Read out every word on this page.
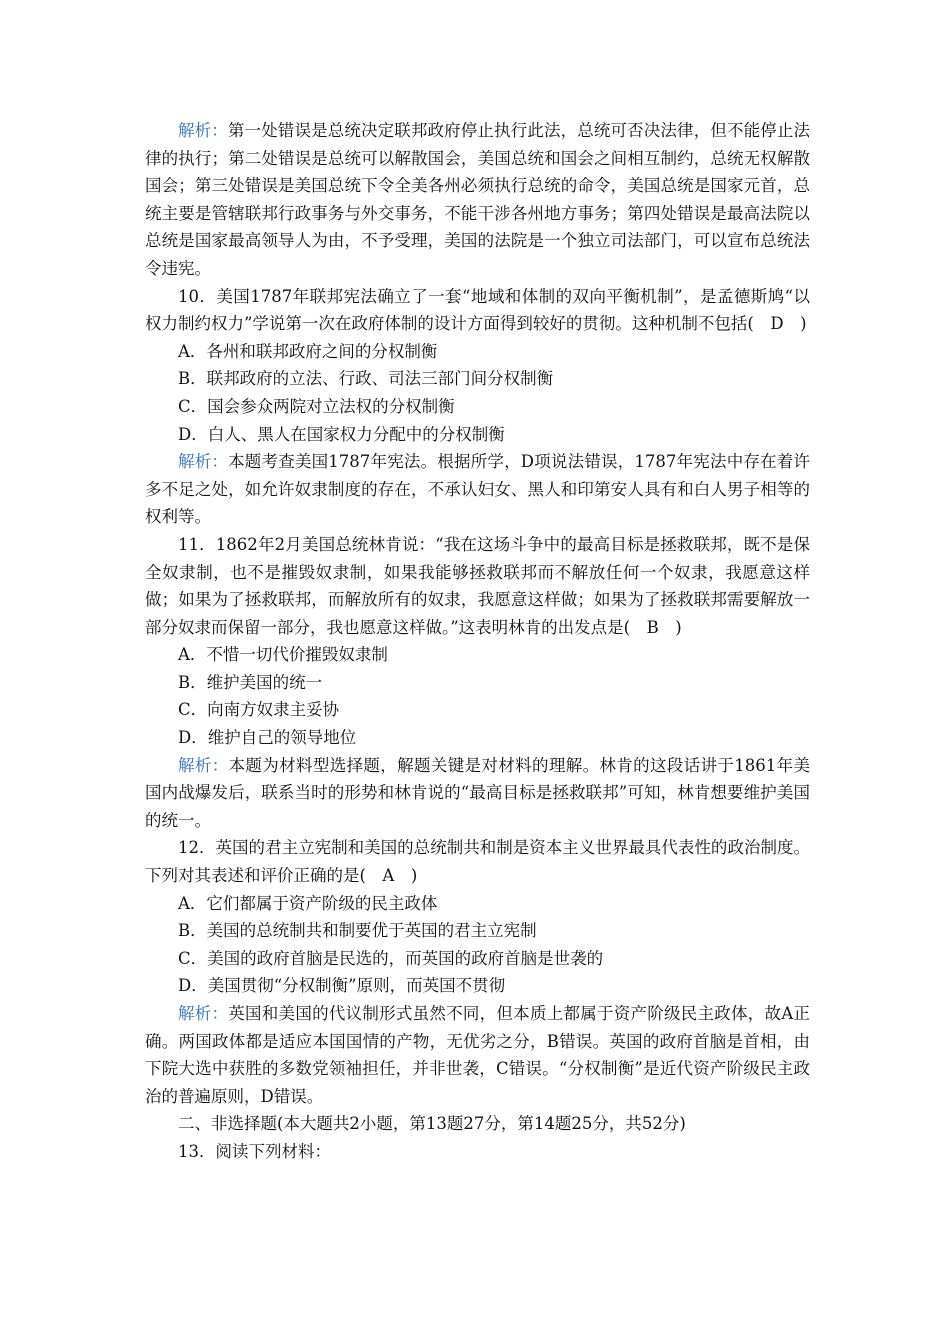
解析：第一处错误是总统决定联邦政府停止执行此法，总统可否决法律，但不能停止法律的执行；第二处错误是总统可以解散国会，美国总统和国会之间相互制约，总统无权解散国会；第三处错误是美国总统下令全美各州必须执行总统的命令，美国总统是国家元首，总统主要是管辖联邦行政事务与外交事务，不能干涉各州地方事务；第四处错误是最高法院以总统是国家最高领导人为由，不予受理，美国的法院是一个独立司法部门，可以宣布总统法令违宪。

10．美国1787年联邦宪法确立了一套“地域和体制的双向平衡机制”，是孟德斯鸠“以权力制约权力”学说第一次在政府体制的设计方面得到较好的贯彻。这种机制不包括(　D　)

A．各州和联邦政府之间的分权制衡

B．联邦政府的立法、行政、司法三部门间分权制衡

C．国会参众两院对立法权的分权制衡

D．白人、黑人在国家权力分配中的分权制衡

解析：本题考查美国1787年宪法。根据所学，D项说法错误，1787年宪法中存在着许多不足之处，如允许奴隶制度的存在，不承认妇女、黑人和印第安人具有和白人男子相等的权利等。

11．1862年2月美国总统林肯说：“我在这场斗争中的最高目标是拯救联邦，既不是保全奴隶制，也不是摧毁奴隶制，如果我能够拯救联邦而不解放任何一个奴隶，我愿意这样做；如果为了拯救联邦，而解放所有的奴隶，我愿意这样做；如果为了拯救联邦需要解放一部分奴隶而保留一部分，我也愿意这样做。”这表明林肯的出发点是(　B　)

A．不惜一切代价摧毁奴隶制

B．维护美国的统一

C．向南方奴隶主妥协

D．维护自己的领导地位

解析：本题为材料型选择题，解题关键是对材料的理解。林肯的这段话讲于1861年美国内战爆发后，联系当时的形势和林肯说的“最高目标是拯救联邦”可知，林肯想要维护美国的统一。

12．英国的君主立宪制和美国的总统制共和制是资本主义世界最具代表性的政治制度。下列对其表述和评价正确的是(　A　)

A．它们都属于资产阶级的民主政体

B．美国的总统制共和制要优于英国的君主立宪制

C．美国的政府首脑是民选的，而英国的政府首脑是世袭的

D．美国贯彻“分权制衡”原则，而英国不贯彻

解析：英国和美国的代议制形式虽然不同，但本质上都属于资产阶级民主政体，故A正确。两国政体都是适应本国国情的产物，无优劣之分，B错误。英国的政府首脑是首相，由下院大选中获胜的多数党领袖担任，并非世袭，C错误。“分权制衡”是近代资产阶级民主政治的普遍原则，D错误。

二、非选择题(本大题共2小题，第13题27分，第14题25分，共52分)

13．阅读下列材料：
